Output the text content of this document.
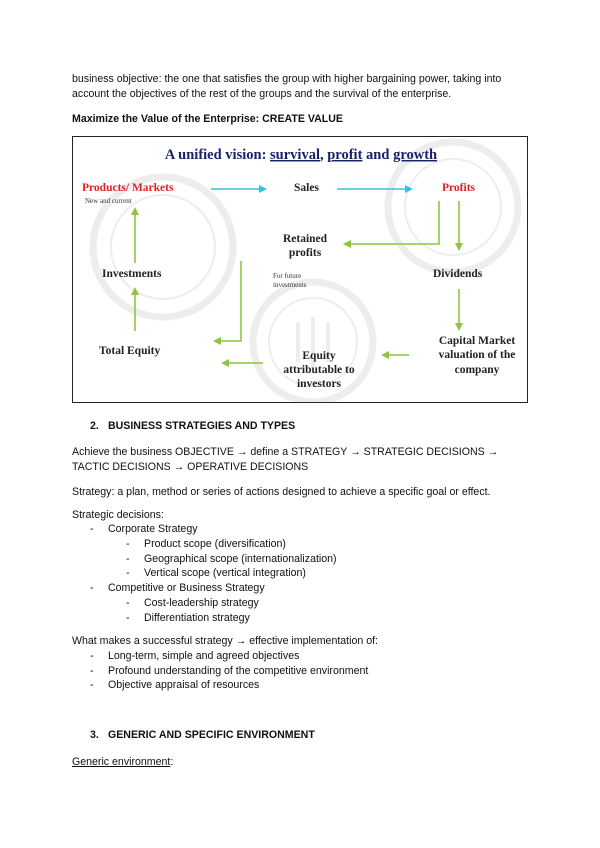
business objective: the one that satisfies the group with higher bargaining power, taking into
account the objectives of the rest of the groups and the survival of the enterprise.

Maximize the Value of the Enterprise: CREATE VALUE

A unified vision: survival, profit and growth
Products/ Markets	Sales	Profits
Retained
profits
Investments	Dividends
Total Equity	Equity
attributable to
investors
Capital Market
valuation of the
company
New and current
For future
investments
2. BUSINESS STRATEGIES AND TYPES

Achieve the business OBJECTIVE → define a STRATEGY → STRATEGIC DECISIONS →
TACTIC DECISIONS → OPERATIVE DECISIONS

Strategy: a plan, method or series of actions designed to achieve a specific goal or effect.

Strategic decisions:

- Corporate Strategy
- Product scope (diversification)
- Geographical scope (internationalization)
- Vertical scope (vertical integration)
- Competitive or Business Strategy
- Cost-leadership strategy
- Differentiation strategy

What makes a successful strategy → effective implementation of:

- Long-term, simple and agreed objectives
- Profound understanding of the competitive environment
- Objective appraisal of resources
3. GENERIC AND SPECIFIC ENVIRONMENT

Generic environment:
